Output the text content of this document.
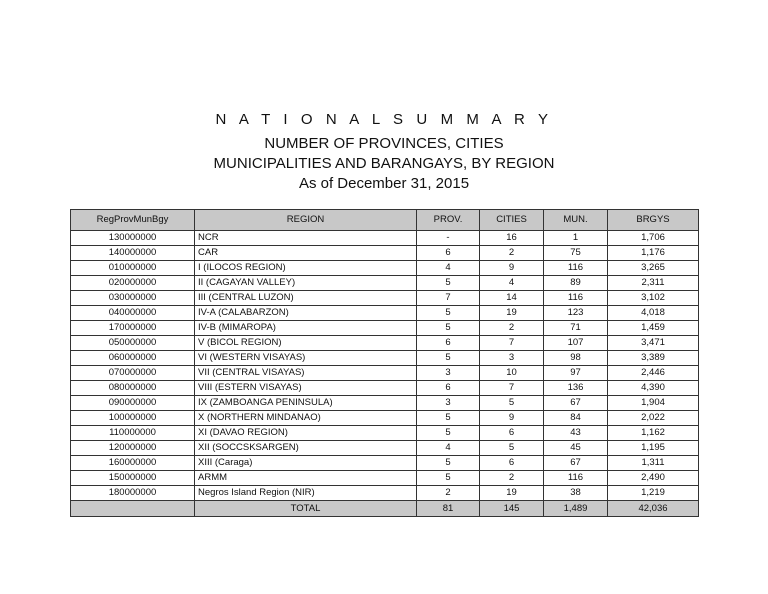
N A T I O N A L S U M M A R Y
NUMBER OF PROVINCES, CITIES
MUNICIPALITIES AND BARANGAYS, BY REGION
As of December 31, 2015
RegProvMunBgy	REGION	PROV.	CITIES	MUN.	BRGYS
130000000	NCR	-	16	1	1,706
140000000	CAR	6	2	75	1,176
010000000	I (ILOCOS REGION)	4	9	116	3,265
020000000	II (CAGAYAN VALLEY)	5	4	89	2,311
030000000	III (CENTRAL LUZON)	7	14	116	3,102
040000000	IV-A (CALABARZON)	5	19	123	4,018
170000000	IV-B (MIMAROPA)	5	2	71	1,459
050000000	V (BICOL REGION)	6	7	107	3,471
060000000	VI (WESTERN VISAYAS)	5	3	98	3,389
070000000	VII (CENTRAL VISAYAS)	3	10	97	2,446
080000000	VIII (ESTERN VISAYAS)	6	7	136	4,390
090000000	IX (ZAMBOANGA PENINSULA)	3	5	67	1,904
100000000	X (NORTHERN MINDANAO)	5	9	84	2,022
110000000	XI (DAVAO REGION)	5	6	43	1,162
120000000	XII (SOCCSKSARGEN)	4	5	45	1,195
160000000	XIII (Caraga)	5	6	67	1,311
150000000	ARMM	5	2	116	2,490
180000000	Negros Island Region (NIR)	2	19	38	1,219
	TOTAL	81	145	1,489	42,036
